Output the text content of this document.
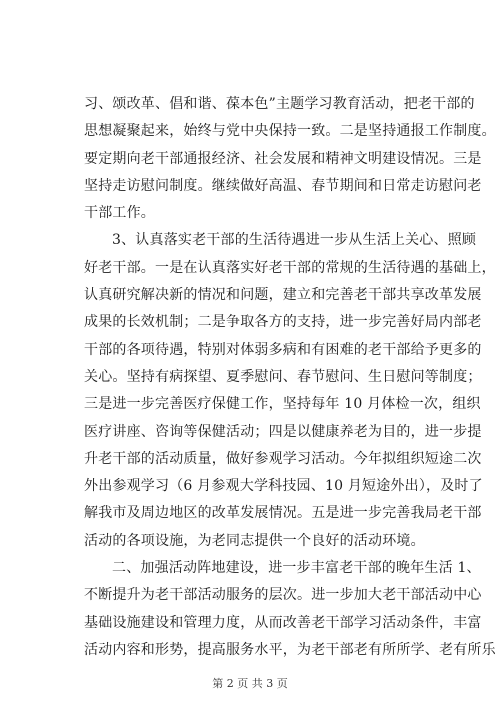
习、颂改革、倡和谐、葆本色”主题学习教育活动，把老干部的
思想凝聚起来，始终与党中央保持一致。二是坚持通报工作制度。
要定期向老干部通报经济、社会发展和精神文明建设情况。三是
坚持走访慰问制度。继续做好高温、春节期间和日常走访慰问老
干部工作。
3、认真落实老干部的生活待遇进一步从生活上关心、照顾
好老干部。一是在认真落实好老干部的常规的生活待遇的基础上，
认真研究解决新的情况和问题，建立和完善老干部共享改革发展
成果的长效机制；二是争取各方的支持，进一步完善好局内部老
干部的各项待遇，特别对体弱多病和有困难的老干部给予更多的
关心。坚持有病探望、夏季慰问、春节慰问、生日慰问等制度；
三是进一步完善医疗保健工作，坚持每年 10 月体检一次，组织
医疗讲座、咨询等保健活动；四是以健康养老为目的，进一步提
升老干部的活动质量，做好参观学习活动。今年拟组织短途二次
外出参观学习（6 月参观大学科技园、10 月短途外出），及时了
解我市及周边地区的改革发展情况。五是进一步完善我局老干部
活动的各项设施，为老同志提供一个良好的活动环境。
二、加强活动阵地建设，进一步丰富老干部的晚年生活 1、
不断提升为老干部活动服务的层次。进一步加大老干部活动中心
基础设施建设和管理力度，从而改善老干部学习活动条件，丰富
活动内容和形势，提高服务水平，为老干部老有所所学、老有所乐
第 2 页 共 3 页
